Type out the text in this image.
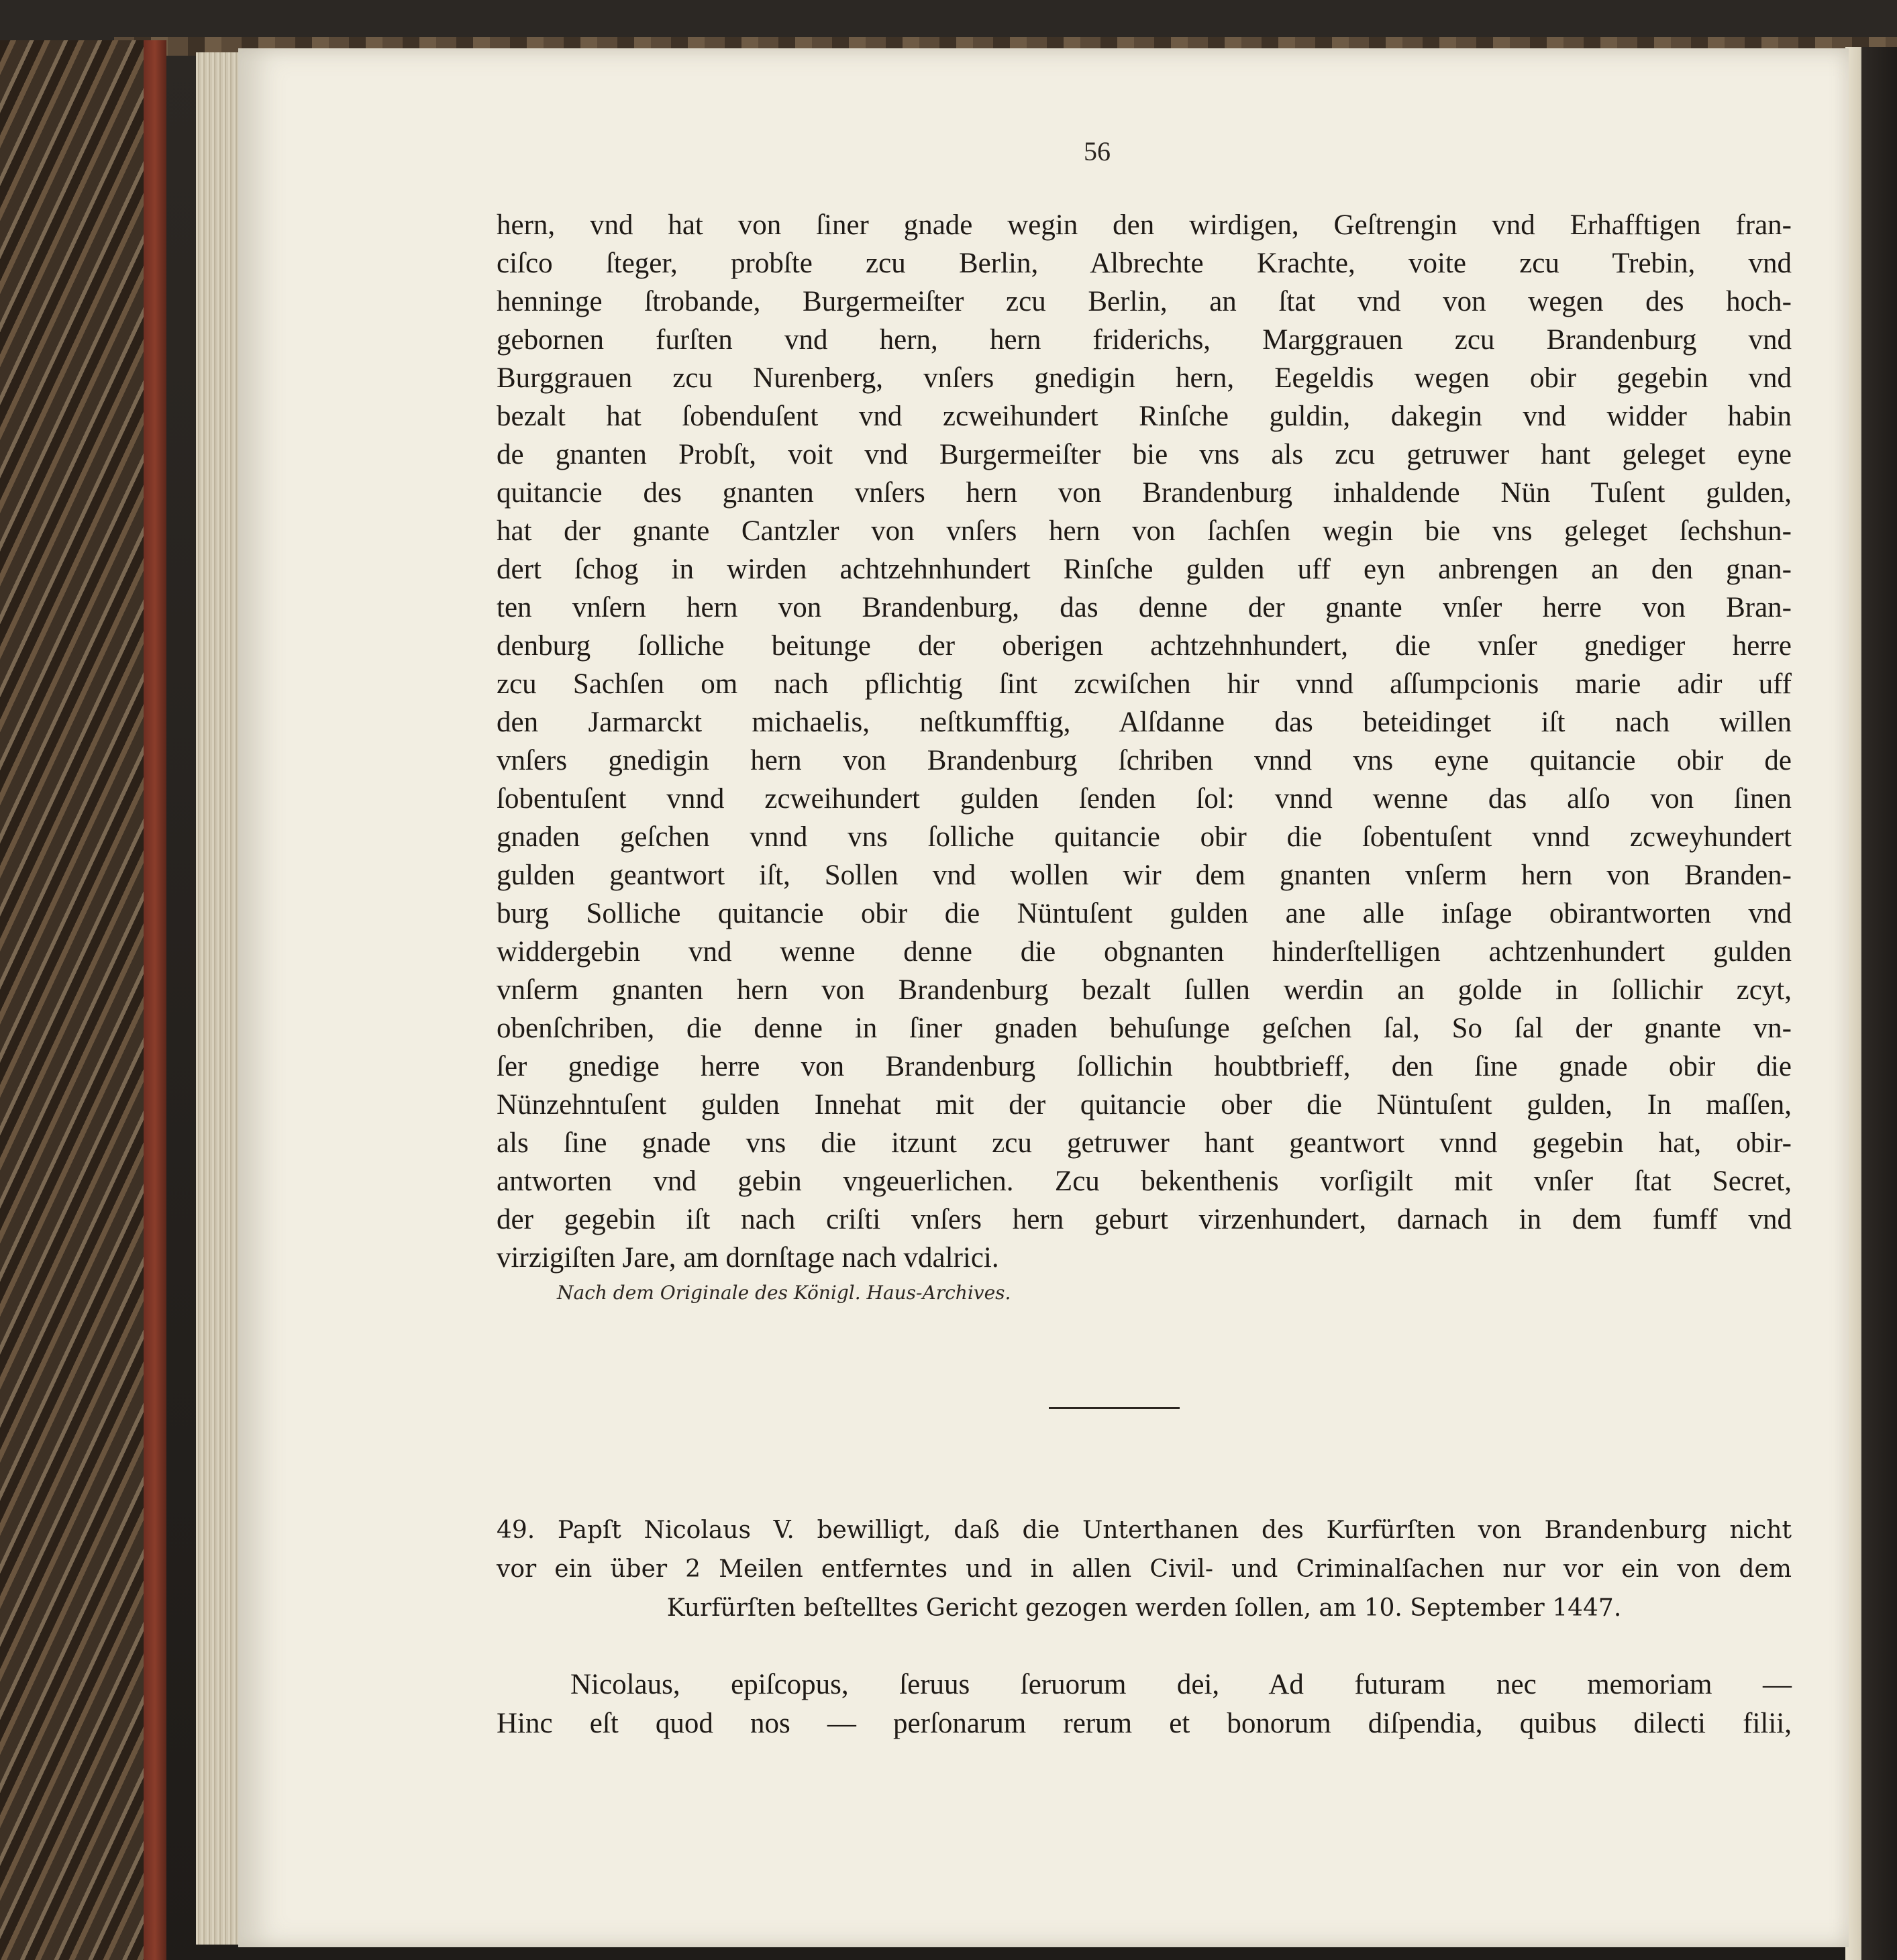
56
hern, vnd hat von ſiner gnade wegin den wirdigen, Geſtrengin vnd Erhafftigen fran-
ciſco ſteger, probſte zcu Berlin, Albrechte Krachte, voite zcu Trebin, vnd
henninge ſtrobande, Burgermeiſter zcu Berlin, an ſtat vnd von wegen des hoch-
gebornen furſten vnd hern, hern friderichs, Marggrauen zcu Brandenburg vnd
Burggrauen zcu Nurenberg, vnſers gnedigin hern, Eegeldis wegen obir gegebin vnd
bezalt hat ſobenduſent vnd zcweihundert Rinſche guldin, dakegin vnd widder habin
de gnanten Probſt, voit vnd Burgermeiſter bie vns als zcu getruwer hant geleget eyne
quitancie des gnanten vnſers hern von Brandenburg inhaldende Nün Tuſent gulden,
hat der gnante Cantzler von vnſers hern von ſachſen wegin bie vns geleget ſechshun-
dert ſchog in wirden achtzehnhundert Rinſche gulden uff eyn anbrengen an den gnan-
ten vnſern hern von Brandenburg, das denne der gnante vnſer herre von Bran-
denburg ſolliche beitunge der oberigen achtzehnhundert, die vnſer gnediger herre
zcu Sachſen om nach pflichtig ſint zcwiſchen hir vnnd aſſumpcionis marie adir uff
den Jarmarckt michaelis, neſtkumfftig, Alſdanne das beteidinget iſt nach willen
vnſers gnedigin hern von Brandenburg ſchriben vnnd vns eyne quitancie obir de
ſobentuſent vnnd zcweihundert gulden ſenden ſol: vnnd wenne das alſo von ſinen
gnaden geſchen vnnd vns ſolliche quitancie obir die ſobentuſent vnnd zcweyhundert
gulden geantwort iſt, Sollen vnd wollen wir dem gnanten vnſerm hern von Branden-
burg Solliche quitancie obir die Nüntuſent gulden ane alle inſage obirantworten vnd
widdergebin vnd wenne denne die obgnanten hinderſtelligen achtzenhundert gulden
vnſerm gnanten hern von Brandenburg bezalt ſullen werdin an golde in ſollichir zcyt,
obenſchriben, die denne in ſiner gnaden behuſunge geſchen ſal, So ſal der gnante vn-
ſer gnedige herre von Brandenburg ſollichin houbtbrieff, den ſine gnade obir die
Nünzehntuſent gulden Innehat mit der quitancie ober die Nüntuſent gulden, In maſſen,
als ſine gnade vns die itzunt zcu getruwer hant geantwort vnnd gegebin hat, obir-
antworten vnd gebin vngeuerlichen. Zcu bekenthenis vorſigilt mit vnſer ſtat Secret,
der gegebin iſt nach criſti vnſers hern geburt virzenhundert, darnach in dem fumff vnd
virzigiſten Jare, am dornſtage nach vdalrici.
Nach dem Originale des Königl. Haus-Archives.
49. Papſt Nicolaus V. bewilligt, daß die Unterthanen des Kurfürſten von Brandenburg nicht
vor ein über 2 Meilen entferntes und in allen Civil- und Criminalſachen nur vor ein von dem
Kurfürſten beſtelltes Gericht gezogen werden ſollen, am 10. September 1447.
Nicolaus, epiſcopus, ſeruus ſeruorum dei, Ad futuram nec memoriam —
Hinc eſt quod nos — perſonarum rerum et bonorum diſpendia, quibus dilecti filii,
